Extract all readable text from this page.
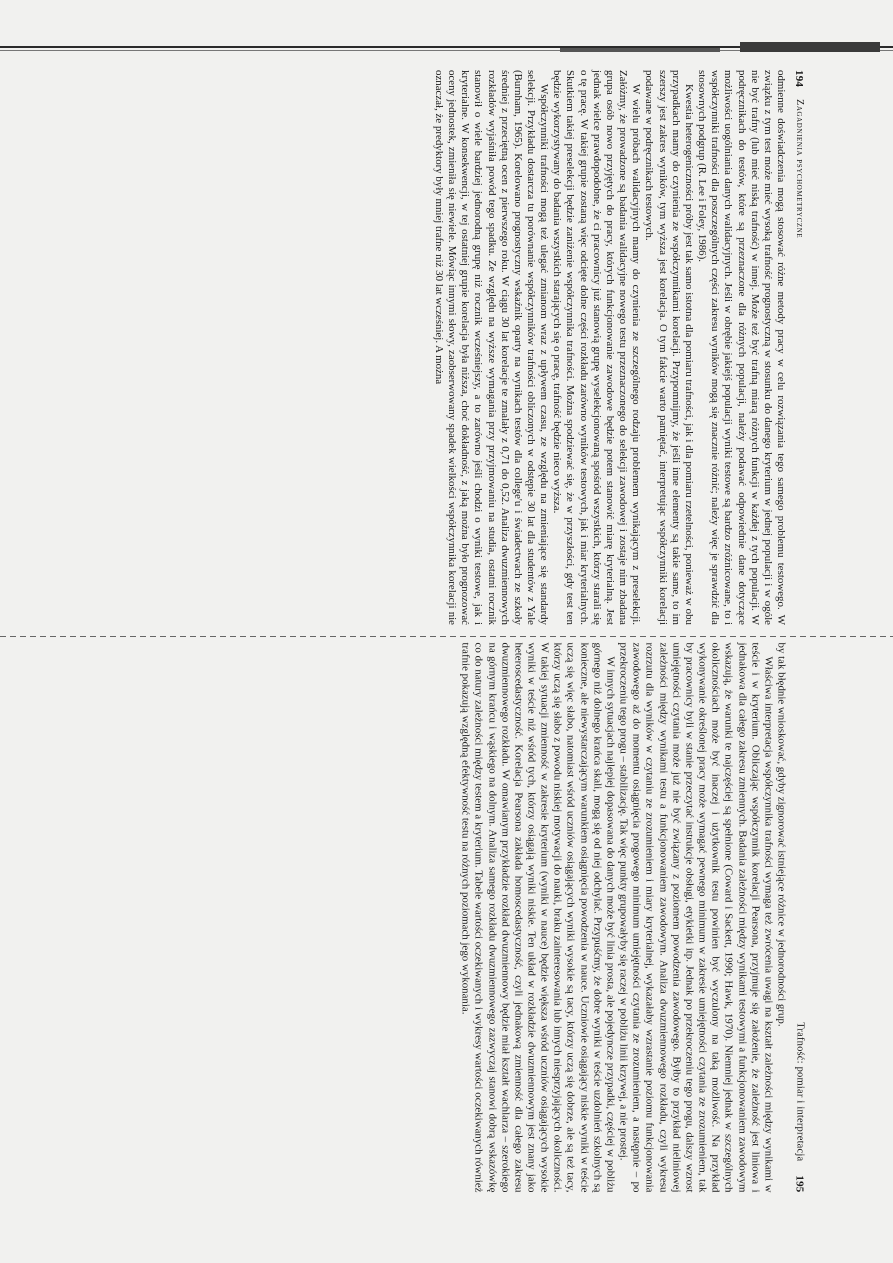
194
Zagadnienia psychometryczne

odmienne doświadczenia mogą stosować różne metody pracy w celu rozwiązania tego samego problemu testowego. W związku z tym test może mieć wysoką trafność prognostyczną w stosunku do danego kryterium w jednej populacji i w ogóle nie być trafny (lub mieć niską trafność) w innej. Może też być trafną miarą różnych funkcji w każdej z tych populacji. W podręcznikach do testów, które są przeznaczone dla różnych populacji, należy podawać odpowiednie dane dotyczące możliwości uogólniania danych walidacyjnych. Jeśli w obrębie jakiejś populacji wyniki testowe są bardzo zróżnicowane, to i współczynniki trafności dla poszczególnych części zakresu wyników mogą się znacznie różnić; należy więc je sprawdzić dla stosownych podgrup (R. Lee i Foley, 1986).

Kwestia heterogeniczności próby jest tak samo istotna dla pomiaru trafności, jak i dla pomiaru rzetelności, ponieważ w obu przypadkach mamy do czynienia ze współczynnikami korelacji. Przypomnijmy, że jeśli inne elementy są takie same, to im szerszy jest zakres wyników, tym wyższa jest korelacja. O tym fakcie warto pamiętać, interpretując współczynniki korelacji podawane w podręcznikach testowych.

W wielu próbach walidacyjnych mamy do czynienia ze szczególnego rodzaju problemem wynikającym z preselekcji. Załóżmy, że prowadzone są badania walidacyjne nowego testu przeznaczonego do selekcji zawodowej i zostaje nim zbadana grupa osób nowo przyjętych do pracy, których funkcjonowanie zawodowe będzie potem stanowić miarę kryterialną. Jest jednak wielce prawdopodobne, że ci pracownicy już stanowią grupę wyselekcjonowaną spośród wszystkich, którzy starali się o tę pracę. W takiej grupie zostaną więc odcięte dolne części rozkładu zarówno wyników testowych, jak i miar kryterialnych. Skutkiem takiej preselekcji będzie zaniżenie współczynnika trafności. Można spodziewać się, że w przyszłości, gdy test ten będzie wykorzystywany do badania wszystkich starających się o pracę, trafność będzie nieco wyższa.

Współczynniki trafności mogą też ulegać zmianom wraz z upływem czasu, ze względu na zmieniające się standardy selekcji. Przykładu dostarcza tu porównanie współczynników trafności obliczonych w odstępie 30 lat dla studentów z Yale (Burnham, 1965). Korelowano prognostyczny wskaźnik oparty na wynikach testów dla college'u i świadectwach ze szkoły średniej z przeciętną ocen z pierwszego roku. W ciągu 30 lat korelacje te zmalały z 0,71 do 0,52. Analiza dwuzmiennowych rozkładów wyjaśniła powód tego spadku. Ze względu na wyższe wymagania przy przyjmowaniu na studia, ostatni rocznik stanowił o wiele bardziej jednorodną grupę niż rocznik wcześniejszy, a to zarówno jeśli chodzi o wyniki testowe, jak i kryterialne. W konsekwencji, w tej ostatniej grupie korelacja była niższa, choć dokładność, z jaką można było prognozować oceny jednostek, zmieniła się niewiele. Mówiąc innymi słowy, zaobserwowany spadek wielkości współczynnika korelacji nie oznaczał, że predyktory były mniej trafne niż 30 lat wcześniej. A można

Trafność: pomiar i interpretacja
195

by tak błędnie wnioskować, gdyby zignorować istniejące różnice w jednorodności grup.

Właściwa interpretacja współczynnika trafności wymaga też zwrócenia uwagi na kształt zależności między wynikami w teście i w kryterium. Obliczając współczynnik korelacji Pearsona, przyjmuje się założenie, że zależność jest liniowa i jednakowa dla całego zakresu zmiennych. Badania zależności między wynikami testowymi a funkcjonowaniem zawodowym wskazują, że warunki te najczęściej są spełnione (Coward i Sackett, 1990; Hawk, 1970). Niemniej jednak w szczególnych okolicznościach może być inaczej i użytkownik testu powinien być wyczulony na taką możliwość. Na przykład wykonywanie określonej pracy może wymagać pewnego minimum w zakresie umiejętności czytania ze zrozumieniem, tak by pracownicy byli w stanie przeczytać instrukcje obsługi, etykietki itp. Jednak po przekroczeniu tego progu, dalszy wzrost umiejętności czytania może już nie być związany z poziomem powodzenia zawodowego. Byłby to przykład nieliniowej zależności między wynikami testu a funkcjonowaniem zawodowym. Analiza dwuzmiennowego rozkładu, czyli wykresu rozrzutu dla wyników w czytaniu ze zrozumieniem i miary kryterialnej, wykazałaby wzrastanie poziomu funkcjonowania zawodowego aż do momentu osiągnięcia progowego minimum umiejętności czytania ze zrozumieniem, a następnie – po przekroczeniu tego progu – stabilizację. Tak więc punkty grupowałyby się raczej w pobliżu linii krzywej, a nie prostej.

W innych sytuacjach najlepiej dopasowana do danych może być linia prosta, ale pojedyncze przypadki, częściej w pobliżu górnego niż dolnego krańca skali, mogą się od niej odchylać. Przypuśćmy, że dobre wyniki w teście uzdolnień szkolnych są konieczne, ale niewystarczającym warunkiem osiągnięcia powodzenia w nauce. Uczniowie osiągający niskie wyniki w teście uczą się więc słabo, natomiast wśród uczniów osiągających wyniki wysokie są tacy, którzy uczą się dobrze, ale są też tacy, którzy uczą się słabo z powodu niskiej motywacji do nauki, braku zainteresowania lub innych niesprzyjających okoliczności. W takiej sytuacji zmienność w zakresie kryterium (wyniki w nauce) będzie większa wśród uczniów osiągających wysokie wyniki w teście niż wśród tych, którzy osiągają wyniki niskie. Ten układ w rozkładzie dwuzmiennowym jest znany jako heteroscedastyczność. Korelacja Pearsona zakłada homoscedastyczność, czyli jednakową zmienność dla całego zakresu dwuzmiennowego rozkładu. W omawianym przykładzie rozkład dwuzmiennowy będzie miał kształt wachlarza – szerokiego na górnym krańcu i wąskiego na dolnym. Analiza samego rozkładu dwuzmiennowego zazwyczaj stanowi dobrą wskazówkę co do natury zależności między testem a kryterium. Tabele wartości oczekiwanych i wykresy wartości oczekiwanych również trafnie pokazują względną efektywność testu na różnych poziomach jego wykonania.
